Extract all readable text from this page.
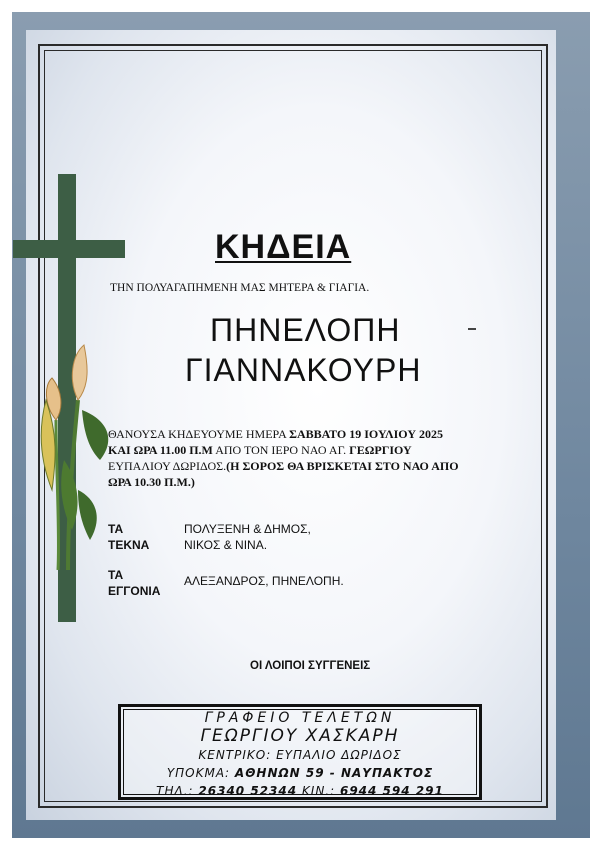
ΚΗΔΕΙΑ
ΤΗΝ ΠΟΛΥΑΓΑΠΗΜΕΝΗ ΜΑΣ ΜΗΤΕΡΑ & ΓΙΑΓΙΑ.
ΠΗΝΕΛΟΠΗ
ΓΙΑΝΝΑΚΟΥΡΗ
ΘΑΝΟΥΣΑ ΚΗΔΕΥΟΥΜΕ ΗΜΕΡΑ ΣΑΒΒΑΤΟ 19 ΙΟΥΛΙΟΥ 2025
ΚΑΙ ΩΡΑ 11.00 Π.Μ ΑΠΟ ΤΟΝ ΙΕΡΟ ΝΑΟ ΑΓ. ΓΕΩΡΓΙΟΥ
ΕΥΠΑΛΙΟΥ ΔΩΡΙΔΟΣ.(Η ΣΟΡΟΣ ΘΑ ΒΡΙΣΚΕΤΑΙ ΣΤΟ ΝΑΟ ΑΠΟ
ΩΡΑ 10.30 Π.Μ.)
ΤΑ
ΤΕΚΝΑ
ΠΟΛΥΞΕΝΗ & ΔΗΜΟΣ,
ΝΙΚΟΣ & ΝΙΝΑ.
ΤΑ
ΕΓΓΟΝΙΑ
ΑΛΕΞΑΝΔΡΟΣ, ΠΗΝΕΛΟΠΗ.
ΟΙ ΛΟΙΠΟΙ ΣΥΓΓΕΝΕΙΣ
ΓΡΑΦΕΙΟ ΤΕΛΕΤΩΝ
ΓΕΩΡΓΙΟΥ ΧΑΣΚΑΡΗ
ΚΕΝΤΡΙΚΟ: ΕΥΠΑΛΙΟ ΔΩΡΙΔΟΣ
ΥΠΟΚΜΑ: ΑΘΗΝΩΝ 59 - ΝΑΥΠΑΚΤΟΣ
ΤΗΛ.: 26340 52344 ΚΙΝ.: 6944 594 291
